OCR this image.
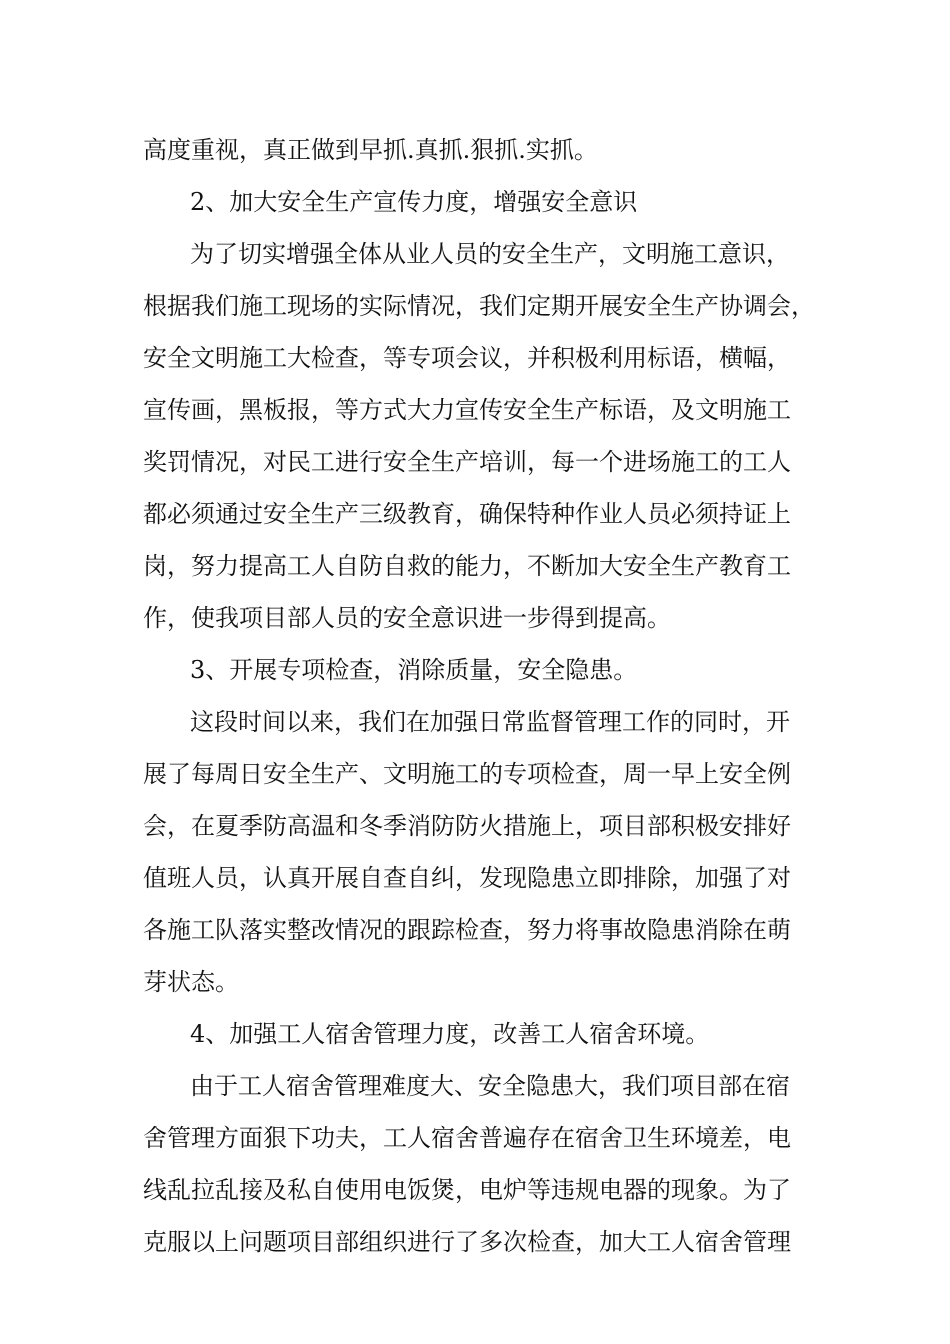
高度重视，真正做到早抓.真抓.狠抓.实抓。
2、加大安全生产宣传力度，增强安全意识
为了切实增强全体从业人员的安全生产，文明施工意识，
根据我们施工现场的实际情况，我们定期开展安全生产协调会，
安全文明施工大检查，等专项会议，并积极利用标语，横幅，
宣传画，黑板报，等方式大力宣传安全生产标语，及文明施工
奖罚情况，对民工进行安全生产培训，每一个进场施工的工人
都必须通过安全生产三级教育，确保特种作业人员必须持证上
岗，努力提高工人自防自救的能力，不断加大安全生产教育工
作，使我项目部人员的安全意识进一步得到提高。
3、开展专项检查，消除质量，安全隐患。
这段时间以来，我们在加强日常监督管理工作的同时，开
展了每周日安全生产、文明施工的专项检查，周一早上安全例
会，在夏季防高温和冬季消防防火措施上，项目部积极安排好
值班人员，认真开展自查自纠，发现隐患立即排除，加强了对
各施工队落实整改情况的跟踪检查，努力将事故隐患消除在萌
芽状态。
4、加强工人宿舍管理力度，改善工人宿舍环境。
由于工人宿舍管理难度大、安全隐患大，我们项目部在宿
舍管理方面狠下功夫，工人宿舍普遍存在宿舍卫生环境差，电
线乱拉乱接及私自使用电饭煲，电炉等违规电器的现象。为了
克服以上问题项目部组织进行了多次检查，加大工人宿舍管理
